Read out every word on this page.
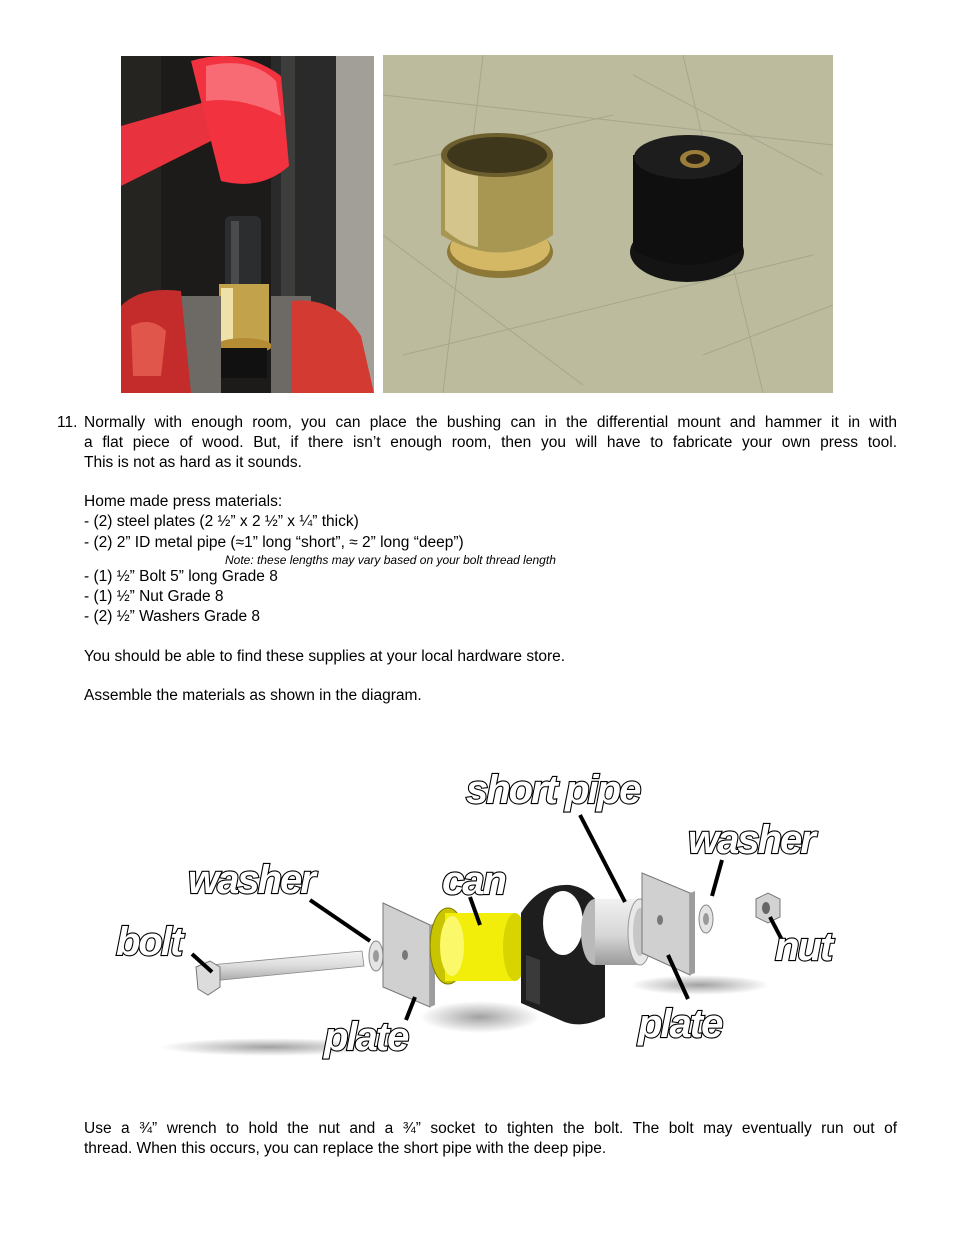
11. Normally with enough room, you can place the bushing can in the differential mount and hammer it in with
a flat piece of wood. But, if there isn’t enough room, then you will have to fabricate your own press tool.
This is not as hard as it sounds.
Home made press materials:
- (2) steel plates (2 ½” x 2 ½” x ¼” thick)
- (2) 2” ID metal pipe (≈1” long “short”, ≈ 2” long “deep”)
Note: these lengths may vary based on your bolt thread length
- (1) ½” Bolt 5” long Grade 8
- (1) ½” Nut Grade 8
- (2) ½” Washers Grade 8
You should be able to find these supplies at your local hardware store.
Assemble the materials as shown in the diagram.
short pipe
washer
washer	can
bolt	nut
plate	plate
Use a ¾” wrench to hold the nut and a ¾” socket to tighten the bolt. The bolt may eventually run out of
thread. When this occurs, you can replace the short pipe with the deep pipe.
